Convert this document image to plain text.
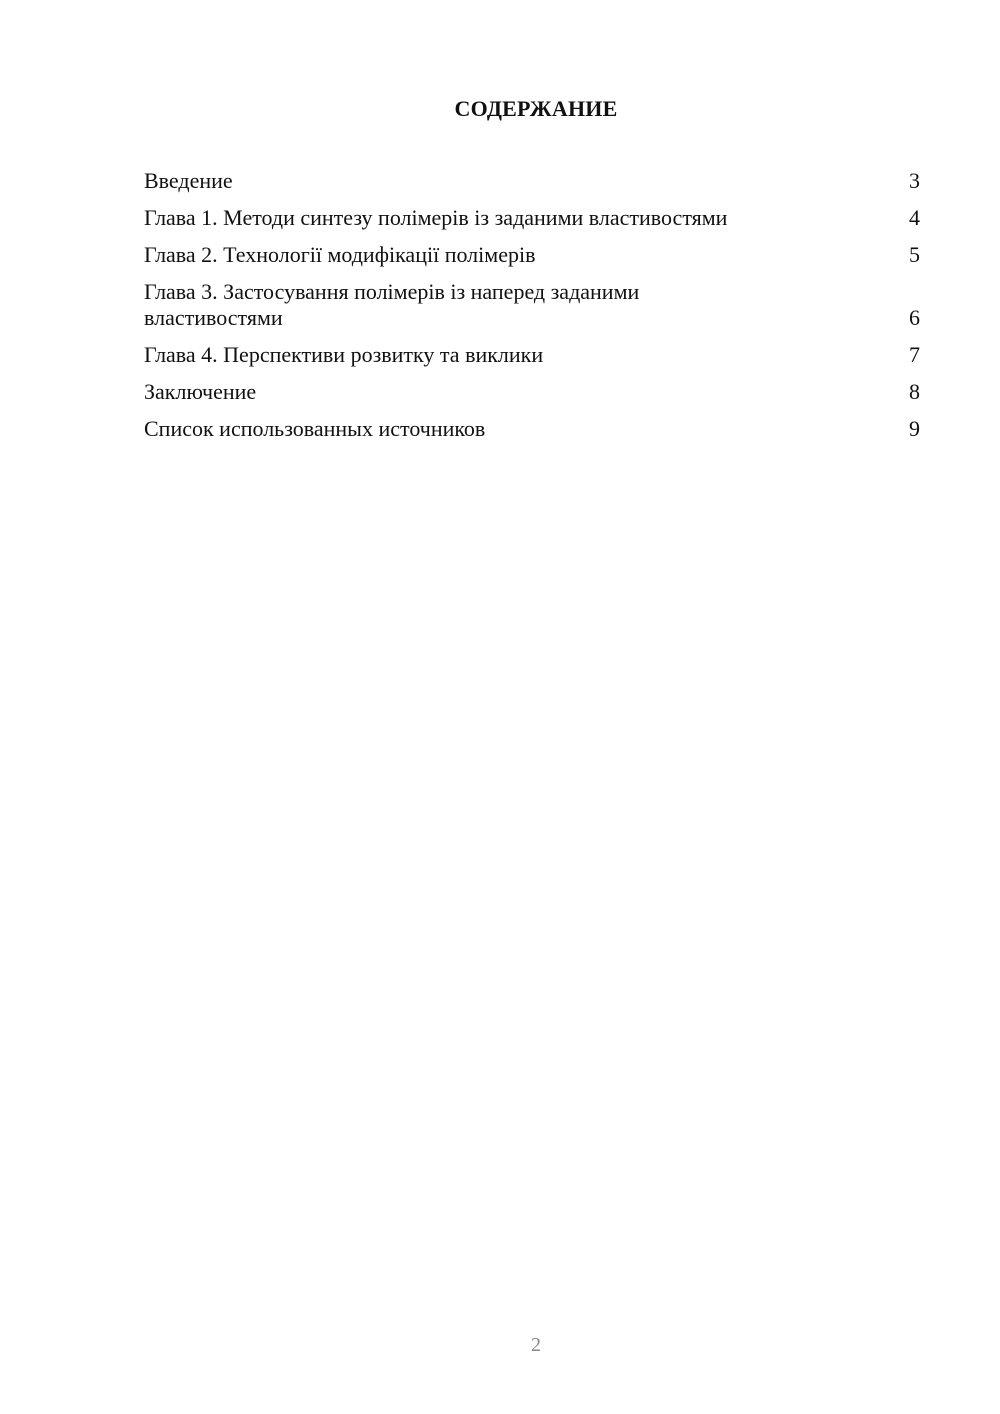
СОДЕРЖАНИЕ
Введение	3
Глава 1. Методи синтезу полімерів із заданими властивостями	4
Глава 2. Технології модифікації полімерів	5
Глава 3. Застосування полімерів із наперед заданими властивостями	6
Глава 4. Перспективи розвитку та виклики	7
Заключение	8
Список использованных источников	9
2
